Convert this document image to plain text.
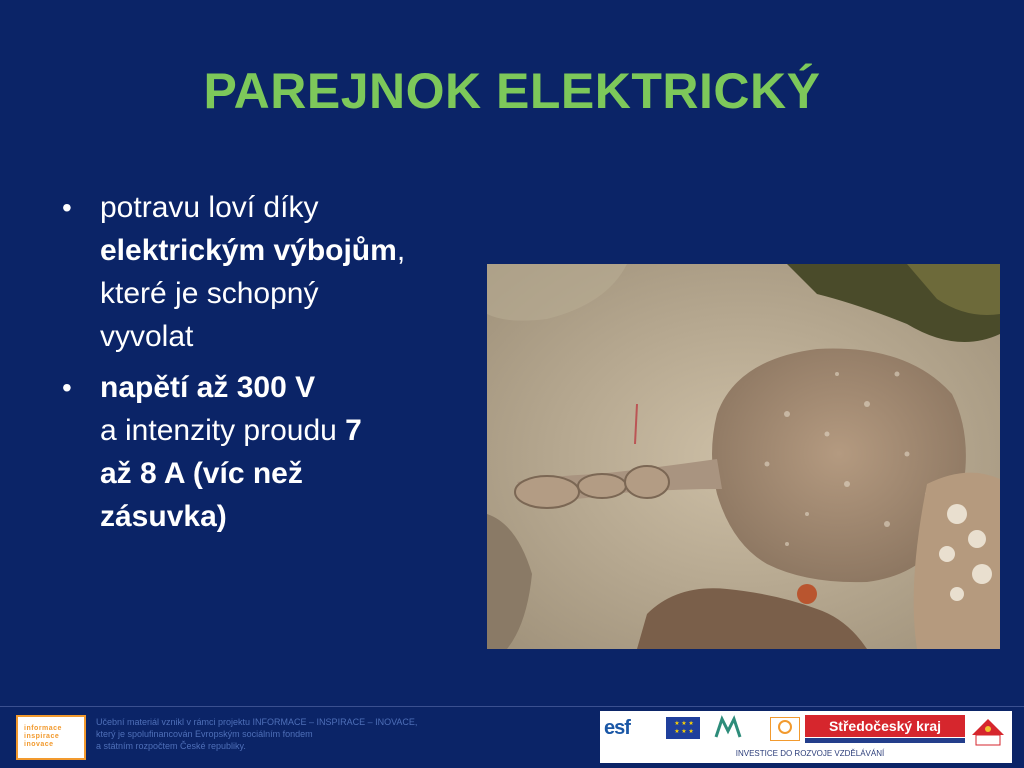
PAREJNOK ELEKTRICKÝ
• potravu loví díky
elektrickým výbojům,
které je schopný
vyvolat
• napětí až 300 V
a intenzity proudu 7
až 8 A (víc než
zásuvka)
informace
inspirace
inovace
Učební materiál vznikl v rámci projektu INFORMACE – INSPIRACE – INOVACE,
který je spolufinancován Evropským sociálním fondem
a státním rozpočtem České republiky.
esf	★ ★ ★
★ ★ ★	Středočeský kraj
INVESTICE DO ROZVOJE VZDĚLÁVÁNÍ
